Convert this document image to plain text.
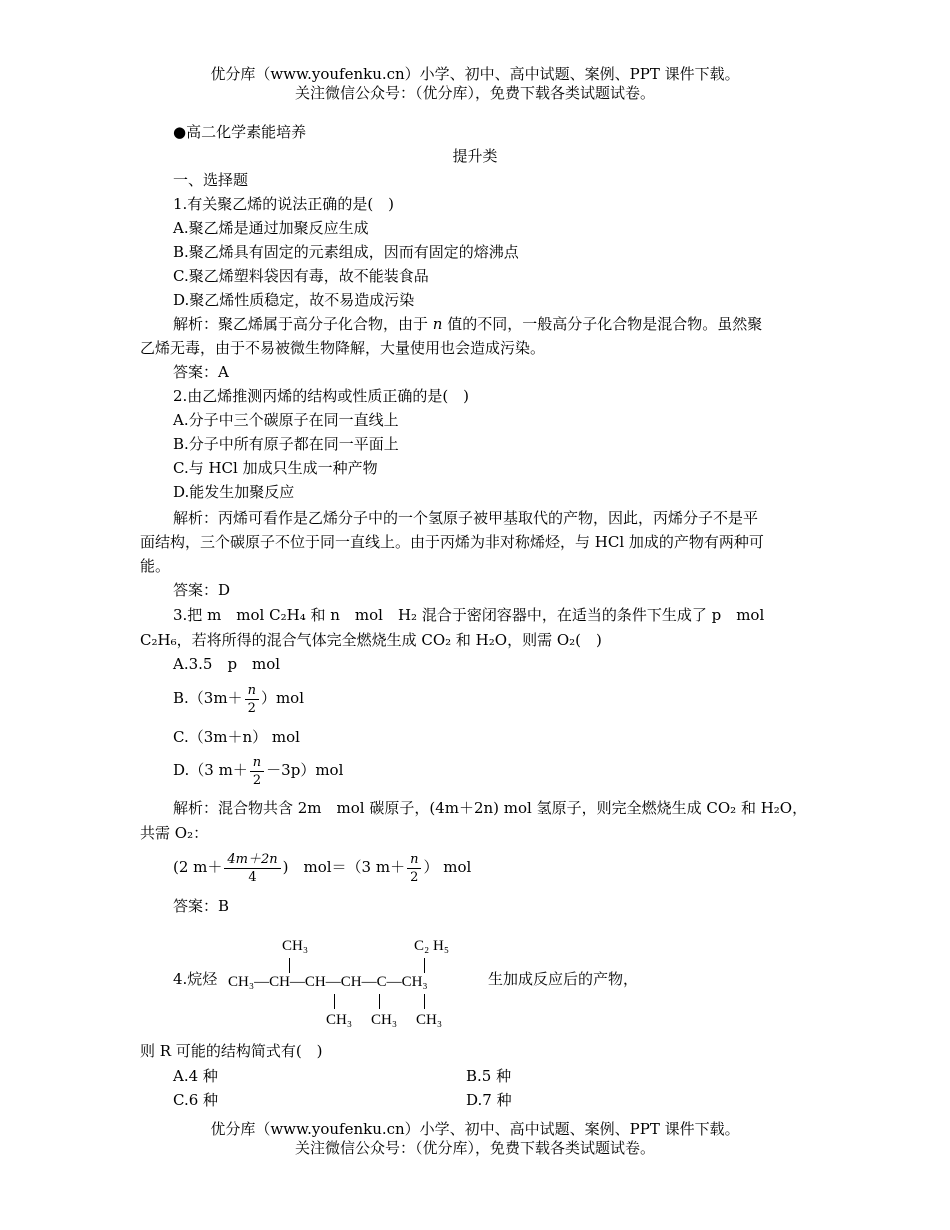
优分库（www.youfenku.cn）小学、初中、高中试题、案例、PPT 课件下载。
关注微信公众号：（优分库），免费下载各类试题试卷。
●高二化学素能培养
提升类
一、选择题
1.有关聚乙烯的说法正确的是(　)
A.聚乙烯是通过加聚反应生成
B.聚乙烯具有固定的元素组成，因而有固定的熔沸点
C.聚乙烯塑料袋因有毒，故不能装食品
D.聚乙烯性质稳定，故不易造成污染
解析：聚乙烯属于高分子化合物，由于 n 值的不同，一般高分子化合物是混合物。虽然聚
乙烯无毒，由于不易被微生物降解，大量使用也会造成污染。
答案：A
2.由乙烯推测丙烯的结构或性质正确的是(　)
A.分子中三个碳原子在同一直线上
B.分子中所有原子都在同一平面上
C.与 HCl 加成只生成一种产物
D.能发生加聚反应
解析：丙烯可看作是乙烯分子中的一个氢原子被甲基取代的产物，因此，丙烯分子不是平
面结构，三个碳原子不位于同一直线上。由于丙烯为非对称烯烃，与 HCl 加成的产物有两种可
能。
答案：D
3.把 m　mol C₂H₄ 和 n　mol　H₂ 混合于密闭容器中，在适当的条件下生成了 p　mol
C₂H₆，若将所得的混合气体完全燃烧生成 CO₂ 和 H₂O，则需 O₂(　)
A.3.5　p　mol
$B.(3m+ \frac{n}{2} )mol$
C.（3m＋n） mol
D.（3 $m+ \frac{n}{2} -3p)mol$
解析：混合物共含 2m　mol 碳原子，(4m＋2n) mol 氢原子，则完全燃烧生成 CO₂ 和 H₂O，
共需 O₂：
(2 $m+ \frac{4m+2n}{4}$ )　mol＝（3 $m+ \frac{n}{2}$ ） mol
答案：B
4.烷烃
CH₃	C₂ H₅
CH₃—CH—CH—CH—C—CH₃
CH₃ CH₃ CH₃
生加成反应后的产物，
则 R 可能的结构简式有(　)
A.4 种	B.5 种
C.6 种	D.7 种
优分库（www.youfenku.cn）小学、初中、高中试题、案例、PPT 课件下载。
关注微信公众号：（优分库），免费下载各类试题试卷。
